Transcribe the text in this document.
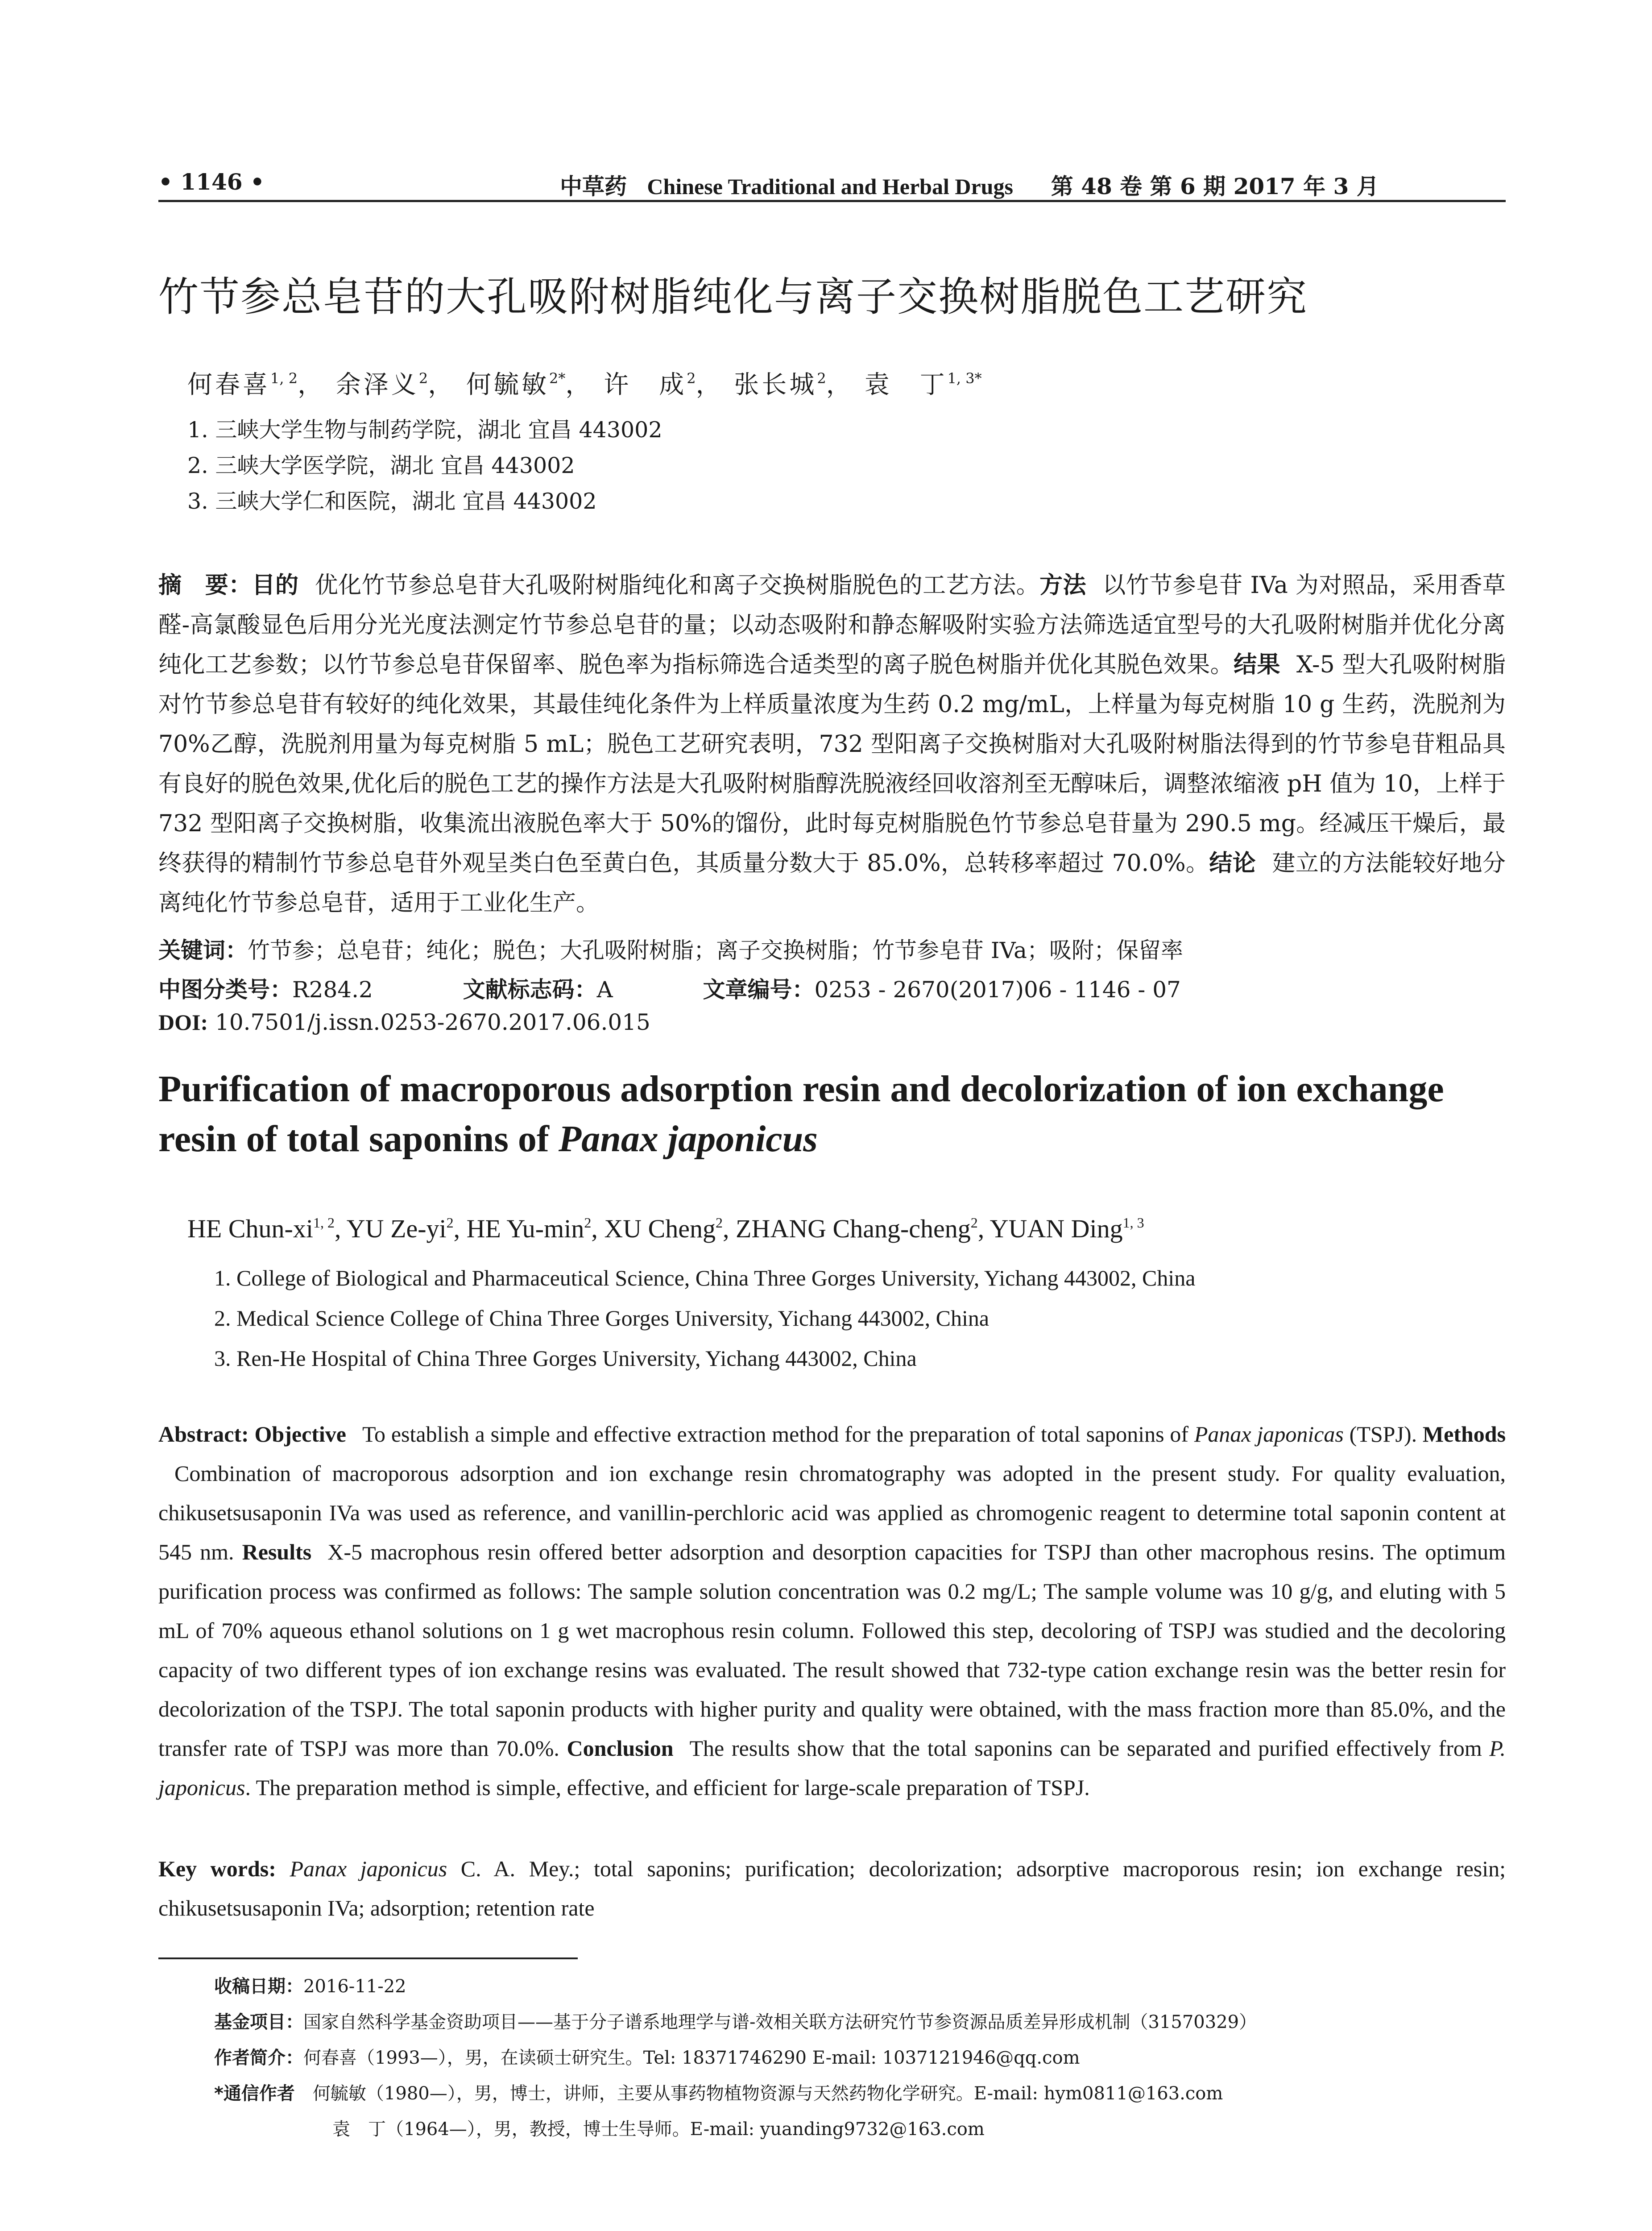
• 1146 •	中草药 Chinese Traditional and Herbal Drugs 第 48 卷 第 6 期 2017 年 3 月
竹节参总皂苷的大孔吸附树脂纯化与离子交换树脂脱色工艺研究
何春喜$^{1, 2}$， 余泽义$^2$， 何毓敏$^{2*}$， 许　成$^2$， 张长城$^2$， 袁　丁$^{1, 3*}$
1. 三峡大学生物与制药学院，湖北 宜昌 443002
2. 三峡大学医学院，湖北 宜昌 443002
3. 三峡大学仁和医院，湖北 宜昌 443002
摘　要：目的 优化竹节参总皂苷大孔吸附树脂纯化和离子交换树脂脱色的工艺方法。方法 以竹节参皂苷 IVa 为对照品，采用香草醛-高氯酸显色后用分光光度法测定竹节参总皂苷的量；以动态吸附和静态解吸附实验方法筛选适宜型号的大孔吸附树脂并优化分离纯化工艺参数；以竹节参总皂苷保留率、脱色率为指标筛选合适类型的离子脱色树脂并优化其脱色效果。结果 X-5 型大孔吸附树脂对竹节参总皂苷有较好的纯化效果，其最佳纯化条件为上样质量浓度为生药 0.2 mg/mL，上样量为每克树脂 10 g 生药，洗脱剂为 70%乙醇，洗脱剂用量为每克树脂 5 mL；脱色工艺研究表明，732 型阳离子交换树脂对大孔吸附树脂法得到的竹节参皂苷粗品具有良好的脱色效果,优化后的脱色工艺的操作方法是大孔吸附树脂醇洗脱液经回收溶剂至无醇味后，调整浓缩液 pH 值为 10，上样于 732 型阳离子交换树脂，收集流出液脱色率大于 50%的馏份，此时每克树脂脱色竹节参总皂苷量为 290.5 mg。经减压干燥后，最终获得的精制竹节参总皂苷外观呈类白色至黄白色，其质量分数大于 85.0%，总转移率超过 70.0%。结论 建立的方法能较好地分离纯化竹节参总皂苷，适用于工业化生产。
关键词：竹节参；总皂苷；纯化；脱色；大孔吸附树脂；离子交换树脂；竹节参皂苷 IVa；吸附；保留率
中图分类号：R284.2	文献标志码：A	文章编号：0253 - 2670(2017)06 - 1146 - 07
DOI: 10.7501/j.issn.0253-2670.2017.06.015
Purification of macroporous adsorption resin and decolorization of ion exchange resin of total saponins of Panax japonicus
HE Chun-xi$^{1, 2}$, YU $Ze-yi^2$, HE $Yu-\min^2$, XU Cheng$^2$, ZHANG Chang-cheng$^2$, YUAN Ding$^{1, 3}$
1. College of Biological and Pharmaceutical Science, China Three Gorges University, Yichang 443002, China
2. Medical Science College of China Three Gorges University, Yichang 443002, China
3. Ren-He Hospital of China Three Gorges University, Yichang 443002, China
Abstract: Objective To establish a simple and effective extraction method for the preparation of total saponins of Panax japonicas (TSPJ). MethodsCombination of macroporous adsorption and ion exchange resin chromatography was adopted in the present study. For quality evaluation, chikusetsusaponin IVa was used as reference, and vanillin-perchloric acid was applied as chromogenic reagent to determine total saponin content at 545 nm. Results X-5 macrophous resin offered better adsorption and desorption capacities for TSPJ than other macrophous resins. The optimum purification process was confirmed as follows: The sample solution concentration was 0.2 mg/L; The sample volume was 10 g/g, and eluting with 5 mL of 70% aqueous ethanol solutions on 1 g wet macrophous resin column. Followed this step, decoloring of TSPJ was studied and the decoloring capacity of two different types of ion exchange resins was evaluated. The result showed that 732-type cation exchange resin was the better resin for decolorization of the TSPJ. The total saponin products with higher purity and quality were obtained, with the mass fraction more than 85.0%, and the transfer rate of TSPJ was more than 70.0%. Conclusion The results show that the total saponins can be separated and purified effectively from P. japonicus. The preparation method is simple, effective, and efficient for large-scale preparation of TSPJ.
Key words: Panax japonicus C. A. Mey.; total saponins; purification; decolorization; adsorptive macroporous resin; ion exchange resin; chikusetsusaponin IVa; adsorption; retention rate
收稿日期：2016-11-22
基金项目：国家自然科学基金资助项目——基于分子谱系地理学与谱-效相关联方法研究竹节参资源品质差异形成机制（31570329）
作者简介：何春喜（1993—），男，在读硕士研究生。Tel: 18371746290 E-mail: 1037121946@qq.com
*通信作者 何毓敏（1980—），男，博士，讲师，主要从事药物植物资源与天然药物化学研究。E-mail: hym0811@163.com
袁　丁（1964—），男，教授，博士生导师。E-mail: yuanding9732@163.com
